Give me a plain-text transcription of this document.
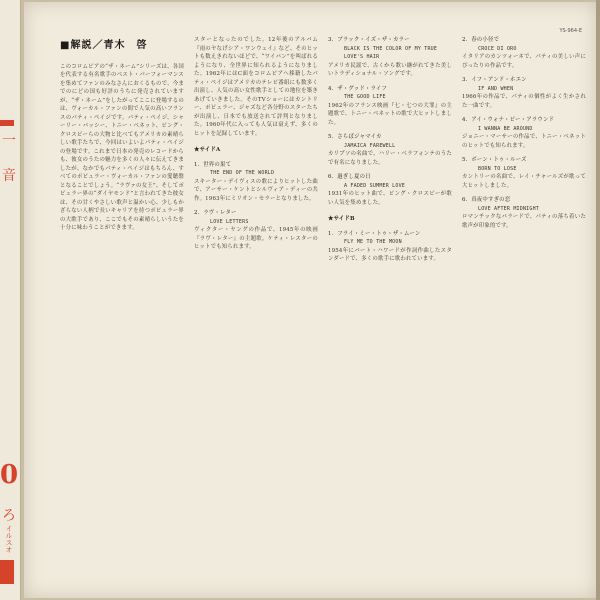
一
音
0
ろ
イルスオ
YS-964-E
■解説／青木　啓

このコロムビアの“ザ・ネーム”シリーズは、各国を代表する有名歌手のベスト・パーフォーマンスを集めてファンのみなさんにおくるもので、今までのにどの国も好評のうちに発売されていますが、“ザ・ネーム”をしたがってここに登場するのは、ヴォーカル・ファンの間で人気の高いフランスのパティ・ペイジです。パティ・ペイジ、シャーリー・バッシー、トニー・ベネット、ビング・クロスビーらの大物と比べてもアメリカの素晴らしい歌手たちで、今回はいよいよパティ・ペイジの登場です。これまで日本の発売のレコードからも、彼女のうたの魅力を多くの人々に伝えてきましたが、なかでもパティ・ペイジはもちろん、すべてのポピュラー・ヴォーカル・ファンの愛聴盤となることでしょう。“ラヴァの女王”、そしてポピュラー界の“ダイヤモンド”と言われてきた彼女は、その甘くやさしい歌声と温かい心、少しもかざらない人柄で長いキャリアを持つポピュラー界の大歌手であり、ここでもその素晴らしいうたを十分に味わうことができます。

スターとなったのでした。12年後のアルバム『雨のヤなげシア・ワンウェイ』など、そのヒットも数えきれないほどで、“ワイバン”を叫ばれるようになり、全世界に知られるようになりました。1962年にはC面をコロムビアへ移籍したパティ・ペイジはアメリカのテレビ番組にも数多く出演し、人気の高い女性歌手としての地位を築きあげていきました。そのTVショーにはカントリー、ポピュラー、ジャズなど各分野のスターたちが出演し、日本でも放送されて評判となりました。1960年代に入っても人気は衰えず、多くのヒットを記録しています。

★サイドA
1．世界の果て
THE END OF THE WORLD

スキーター・デイヴィスの歌によりヒットした曲で、アーサー・ケントとシルヴィア・ディーの共作。1963年にミリオン・セラーとなりました。

2．ラヴ・レター
LOVE LETTERS

ヴィクター・ヤングの作品で、1945年の映画『ラヴ・レター』の主題歌。ケティ・レスターのヒットでも知られます。

3．ブラック・イズ・ザ・カラー
BLACK IS THE COLOR OF MY TRUE LOVE'S HAIR

アメリカ民謡で、古くから歌い継がれてきた美しいトラディショナル・ソングです。

4．ザ・グッド・ライフ
THE GOOD LIFE

1962年のフランス映画『七・七つの大罪』の主題歌で、トニー・ベネットの歌で大ヒットしました。

5．さらばジャマイカ
JAMAICA FAREWELL

カリプソの名曲で、ハリー・ベラフォンテのうたで有名になりました。

6．過ぎし夏の日
A FADED SUMMER LOVE

1931年のヒット曲で、ビング・クロスビーが歌い人気を集めました。

★サイドB
1．フライ・ミー・トゥ・ザ・ムーン
FLY ME TO THE MOON

1954年にバート・ハワードが作詞作曲したスタンダードで、多くの歌手に歌われています。

2．春の小径で
CROCE DI ORO

イタリアのカンツォーネで、パティの美しい声にぴったりの作品です。

3．イフ・アンド・ホエン
IF AND WHEN

1966年の作品で、パティの個性がよく生かされた一曲です。

4．アイ・ウォナ・ビー・アラウンド
I WANNA BE AROUND

ジョニー・マーサーの作品で、トニー・ベネットのヒットでも知られます。

5．ボーン・トゥ・ルーズ
BORN TO LOSE

カントリーの名曲で、レイ・チャールズが歌って大ヒットしました。

6．真夜中すぎの恋
LOVE AFTER MIDNIGHT

ロマンチックなバラードで、パティの落ち着いた歌声が印象的です。
